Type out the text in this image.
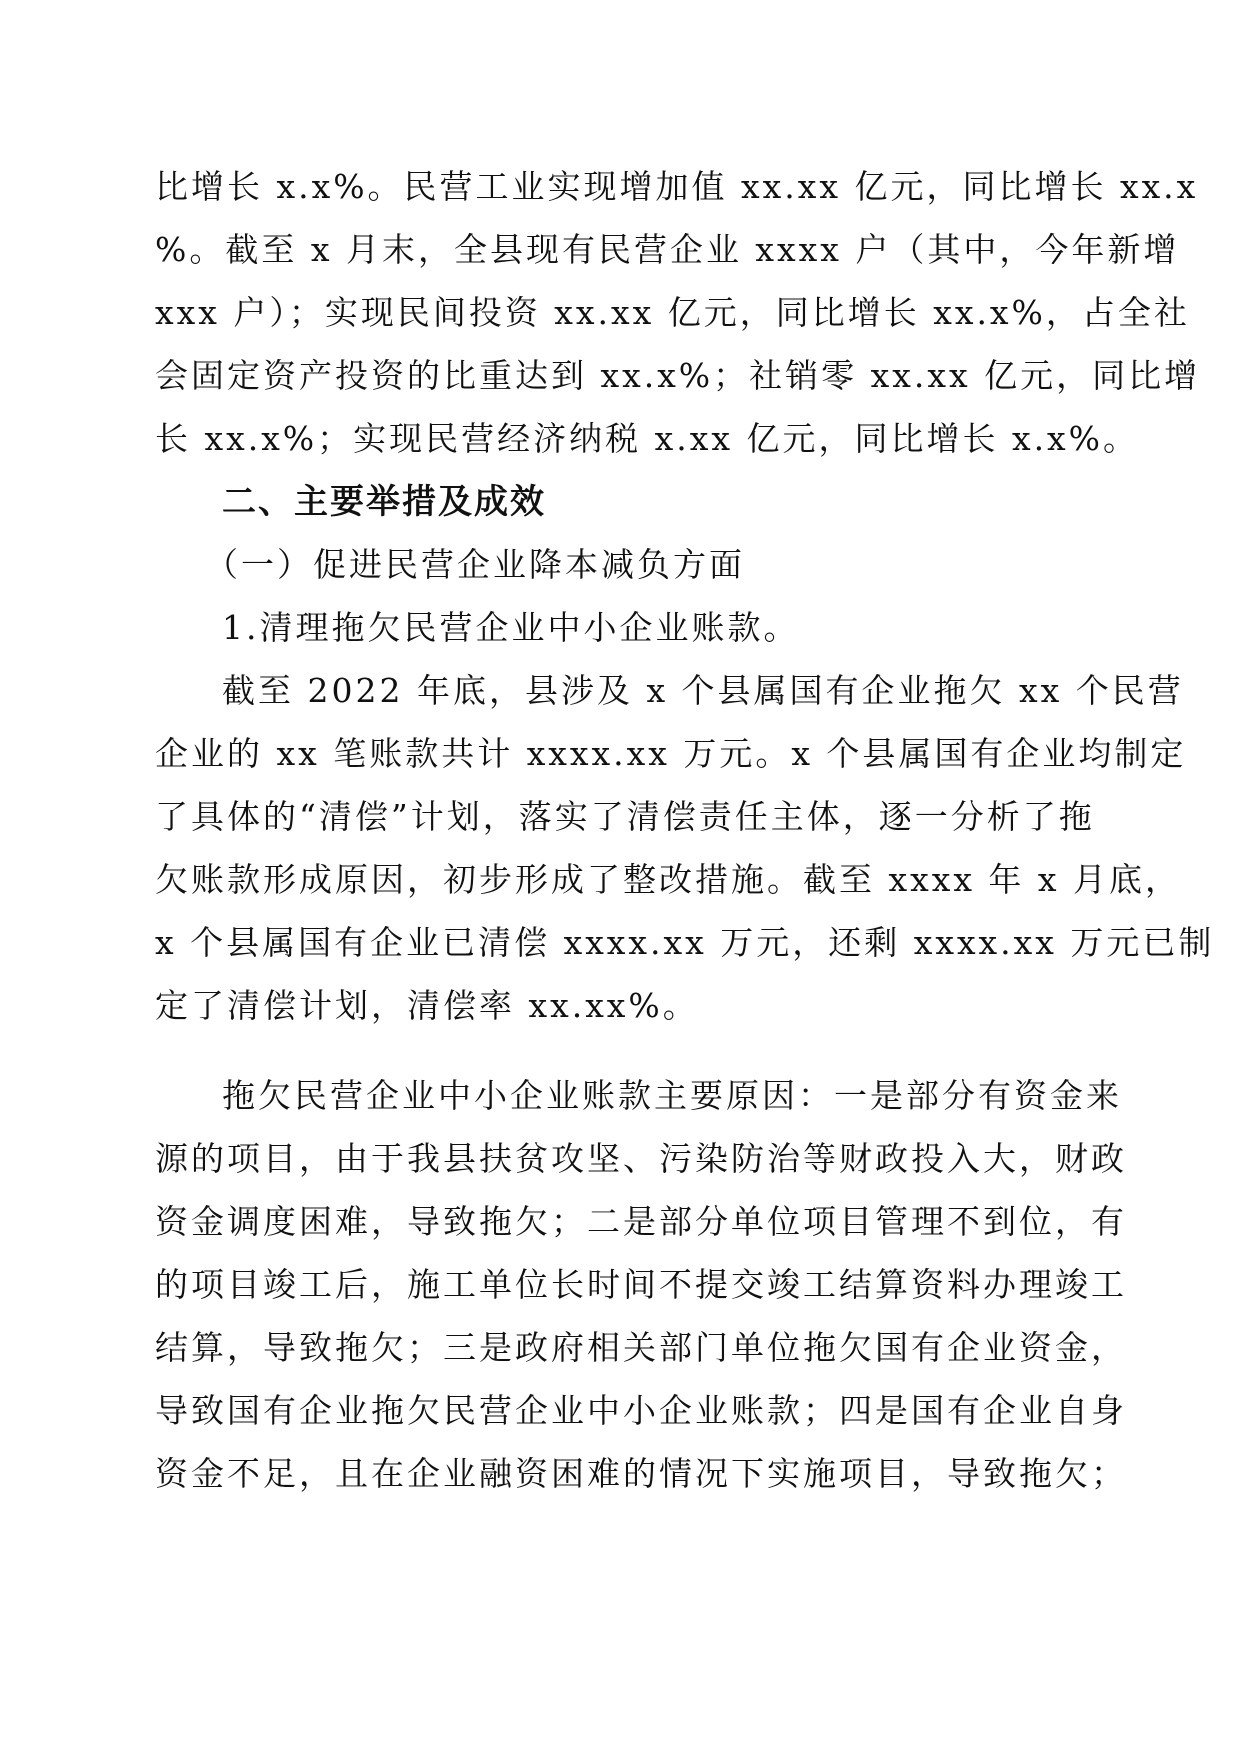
比增长 x.x%。民营工业实现增加值 xx.xx 亿元，同比增长 xx.x
%。截至 x 月末，全县现有民营企业 xxxx 户（其中，今年新增
xxx 户）；实现民间投资 xx.xx 亿元，同比增长 xx.x%，占全社
会固定资产投资的比重达到 xx.x%；社销零 xx.xx 亿元，同比增
长 xx.x%；实现民营经济纳税 x.xx 亿元，同比增长 x.x%。
二、主要举措及成效
（一）促进民营企业降本减负方面
1.清理拖欠民营企业中小企业账款。
截至 2022 年底，县涉及 x 个县属国有企业拖欠 xx 个民营
企业的 xx 笔账款共计 xxxx.xx 万元。x 个县属国有企业均制定
了具体的“清偿”计划，落实了清偿责任主体，逐一分析了拖
欠账款形成原因，初步形成了整改措施。截至 xxxx 年 x 月底，
x 个县属国有企业已清偿 xxxx.xx 万元，还剩 xxxx.xx 万元已制
定了清偿计划，清偿率 xx.xx%。
拖欠民营企业中小企业账款主要原因：一是部分有资金来
源的项目，由于我县扶贫攻坚、污染防治等财政投入大，财政
资金调度困难，导致拖欠；二是部分单位项目管理不到位，有
的项目竣工后，施工单位长时间不提交竣工结算资料办理竣工
结算，导致拖欠；三是政府相关部门单位拖欠国有企业资金，
导致国有企业拖欠民营企业中小企业账款；四是国有企业自身
资金不足，且在企业融资困难的情况下实施项目，导致拖欠；
